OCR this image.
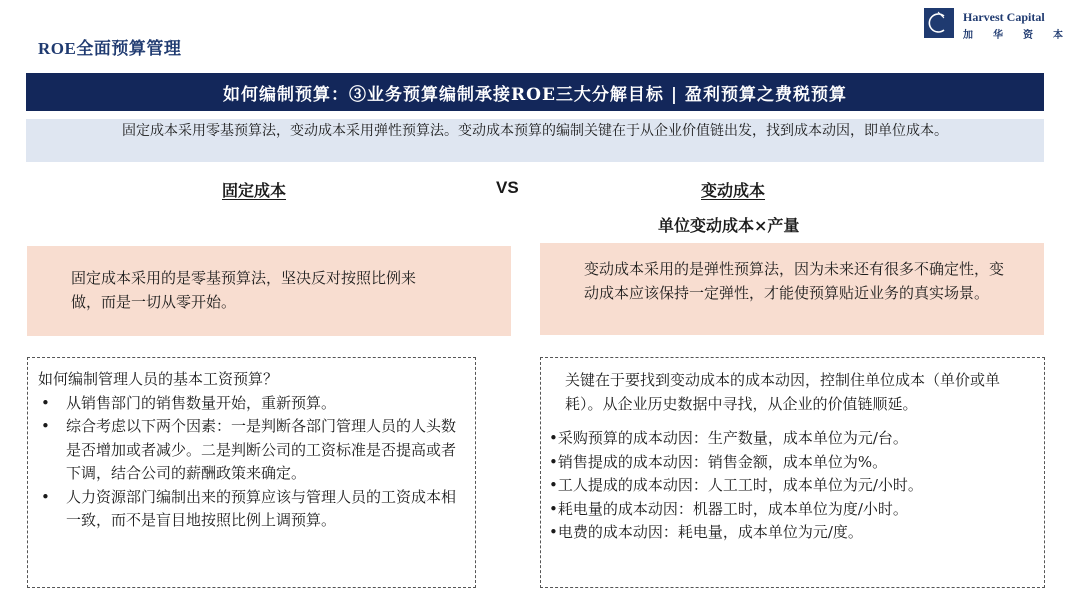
ROE全面预算管理
Harvest Capital
加 华 资 本
如何编制预算：③业务预算编制承接ROE三大分解目标 | 盈利预算之费税预算
固定成本采用零基预算法，变动成本采用弹性预算法。变动成本预算的编制关键在于从企业价值链出发，找到成本动因，即单位成本。
固定成本	VS	变动成本
单位变动成本×产量

固定成本采用的是零基预算法，坚决反对按照比例来做，而是一切从零开始。

变动成本采用的是弹性预算法，因为未来还有很多不确定性，变动成本应该保持一定弹性，才能使预算贴近业务的真实场景。

如何编制管理人员的基本工资预算？

• 从销售部门的销售数量开始，重新预算。
• 综合考虑以下两个因素：一是判断各部门管理人员的人头数是否增加或者减少。二是判断公司的工资标准是否提高或者下调，结合公司的薪酬政策来确定。
• 人力资源部门编制出来的预算应该与管理人员的工资成本相一致，而不是盲目地按照比例上调预算。

关键在于要找到变动成本的成本动因，控制住单位成本（单价或单耗）。从企业历史数据中寻找，从企业的价值链顺延。

•采购预算的成本动因：生产数量，成本单位为元/台。
•销售提成的成本动因：销售金额，成本单位为%。
•工人提成的成本动因：人工工时，成本单位为元/小时。
•耗电量的成本动因：机器工时，成本单位为度/小时。
•电费的成本动因：耗电量，成本单位为元/度。
